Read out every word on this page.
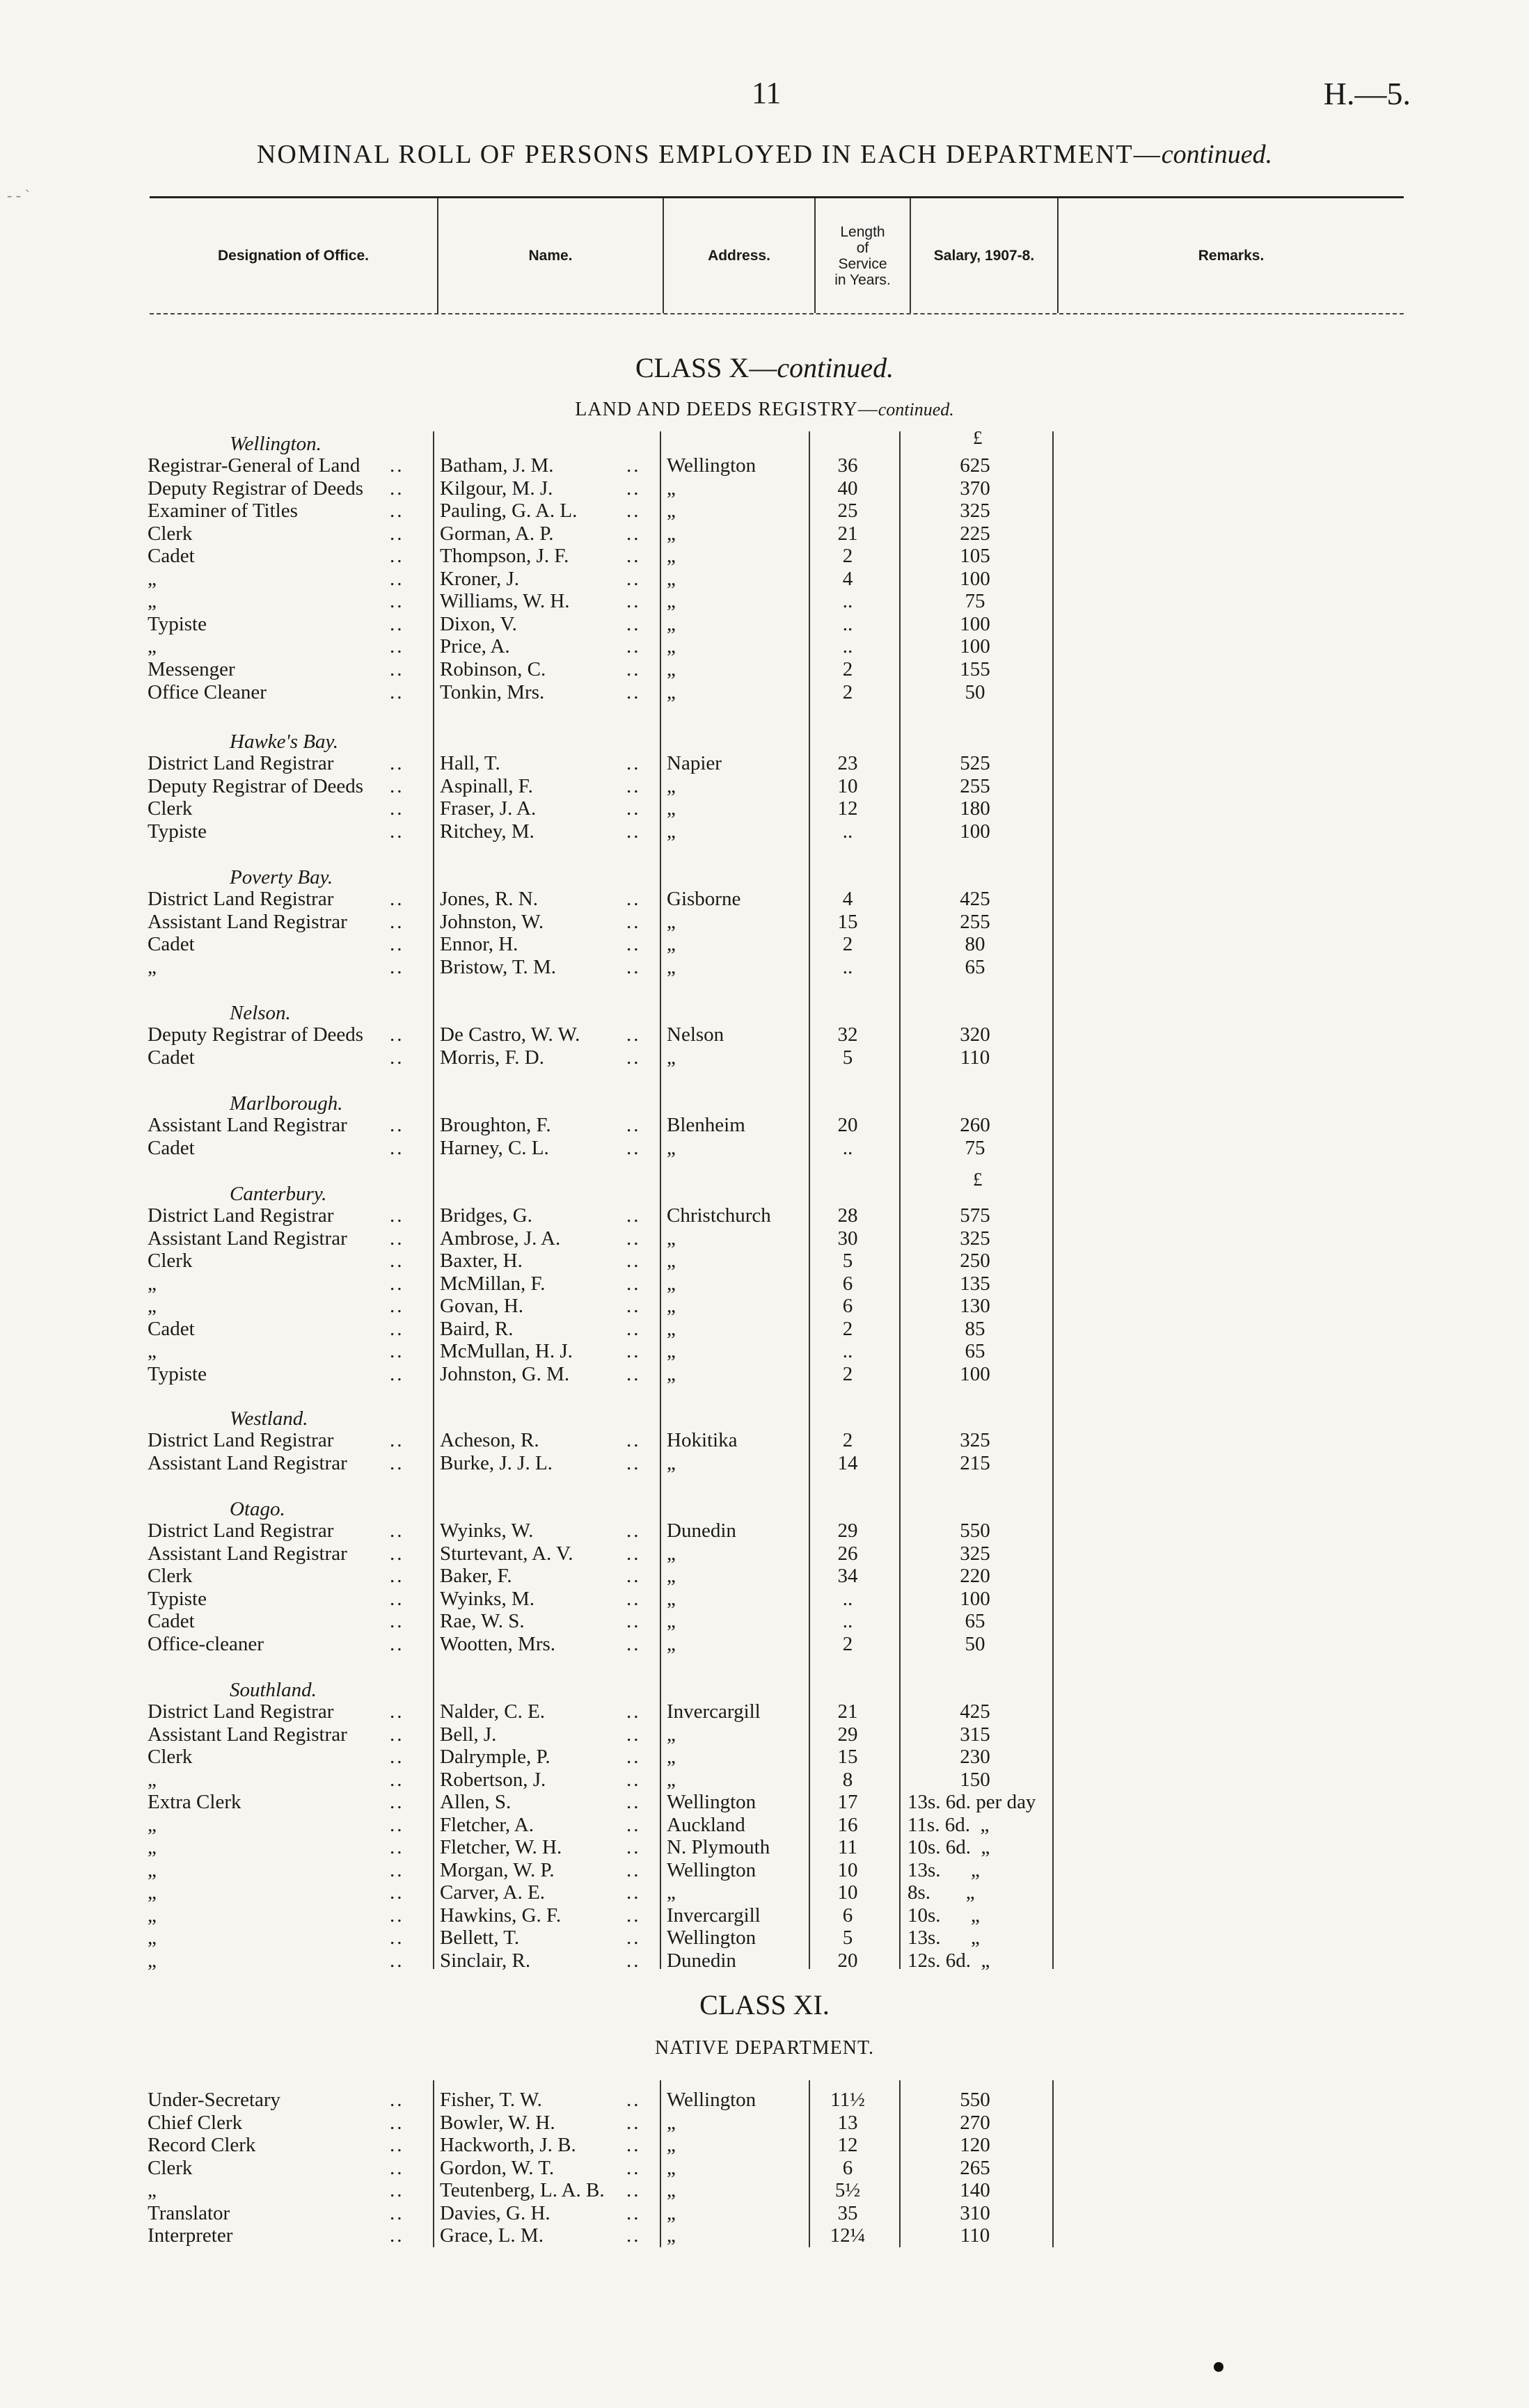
11	H.—5.
NOMINAL ROLL OF PERSONS EMPLOYED IN EACH DEPARTMENT—continued.
Designation of Office.	Name.	Address.
Length
of
Service
in Years.
Salary, 1907-8.	Remarks.
CLASS X—continued.
LAND AND DEEDS REGISTRY—continued.
CLASS XI.
NATIVE DEPARTMENT.
£
£
Wellington.
Hawke's Bay.
Poverty Bay.
Nelson.
Marlborough.
Canterbury.
Westland.
Otago.
Southland.
Registrar-General of Land	Batham, J. M.	Wellington	36	625
..	..
Deputy Registrar of Deeds	Kilgour, M. J.	„	40	370
..	..
Examiner of Titles	Pauling, G. A. L.	„	25	325
..	..
Clerk	Gorman, A. P.	„	21	225
..	..
Cadet	Thompson, J. F.	„	2	105
..	..
„	Kroner, J.	„	4	100
..	..
„	Williams, W. H.	„	..	75
..	..
Typiste	Dixon, V.	„	..	100
..	..
„	Price, A.	„	..	100
..	..
Messenger	Robinson, C.	„	2	155
..	..
Office Cleaner	Tonkin, Mrs.	„	2	50
..	..
District Land Registrar	Hall, T.	Napier	23	525
..	..
Deputy Registrar of Deeds	Aspinall, F.	„	10	255
..	..
Clerk	Fraser, J. A.	„	12	180
..	..
Typiste	Ritchey, M.	„	..	100
..	..
District Land Registrar	Jones, R. N.	Gisborne	4	425
..	..
Assistant Land Registrar	Johnston, W.	„	15	255
..	..
Cadet	Ennor, H.	„	2	80
..	..
„	Bristow, T. M.	„	..	65
..	..
Deputy Registrar of Deeds	De Castro, W. W.	Nelson	32	320
..	..
Cadet	Morris, F. D.	„	5	110
..	..
Assistant Land Registrar	Broughton, F.	Blenheim	20	260
..	..
Cadet	Harney, C. L.	„	..	75
..	..
District Land Registrar	Bridges, G.	Christchurch	28	575
..	..
Assistant Land Registrar	Ambrose, J. A.	„	30	325
..	..
Clerk	Baxter, H.	„	5	250
..	..
„	McMillan, F.	„	6	135
..	..
„	Govan, H.	„	6	130
..	..
Cadet	Baird, R.	„	2	85
..	..
„	McMullan, H. J.	„	..	65
..	..
Typiste	Johnston, G. M.	„	2	100
..	..
District Land Registrar	Acheson, R.	Hokitika	2	325
..	..
Assistant Land Registrar	Burke, J. J. L.	„	14	215
..	..
District Land Registrar	Wyinks, W.	Dunedin	29	550
..	..
Assistant Land Registrar	Sturtevant, A. V.	„	26	325
..	..
Clerk	Baker, F.	„	34	220
..	..
Typiste	Wyinks, M.	„	..	100
..	..
Cadet	Rae, W. S.	„	..	65
..	..
Office-cleaner	Wootten, Mrs.	„	2	50
..	..
District Land Registrar	Nalder, C. E.	Invercargill	21	425
..	..
Assistant Land Registrar	Bell, J.	„	29	315
..	..
Clerk	Dalrymple, P.	„	15	230
..	..
„	Robertson, J.	„	8	150
..	..
Extra Clerk	Allen, S.	Wellington	17	13s. 6d. per day
..	..
„	Fletcher, A.	Auckland	16	11s. 6d.  „
..	..
„	Fletcher, W. H.	N. Plymouth	11	10s. 6d.  „
..	..
„	Morgan, W. P.	Wellington	10	13s.      „
..	..
„	Carver, A. E.	„	10	8s.       „
..	..
„	Hawkins, G. F.	Invercargill	6	10s.      „
..	..
„	Bellett, T.	Wellington	5	13s.      „
..	..
„	Sinclair, R.	Dunedin	20	12s. 6d.  „
..	..
Under-Secretary	Fisher, T. W.	Wellington	11½	550
..	..
Chief Clerk	Bowler, W. H.	„	13	270
..	..
Record Clerk	Hackworth, J. B.	„	12	120
..	..
Clerk	Gordon, W. T.	„	6	265
..	..
„	Teutenberg, L. A. B.	„	5½	140
..	..
Translator	Davies, G. H.	„	35	310
..	..
Interpreter	Grace, L. M.	„	12¼	110
..	..
- - ˋ
